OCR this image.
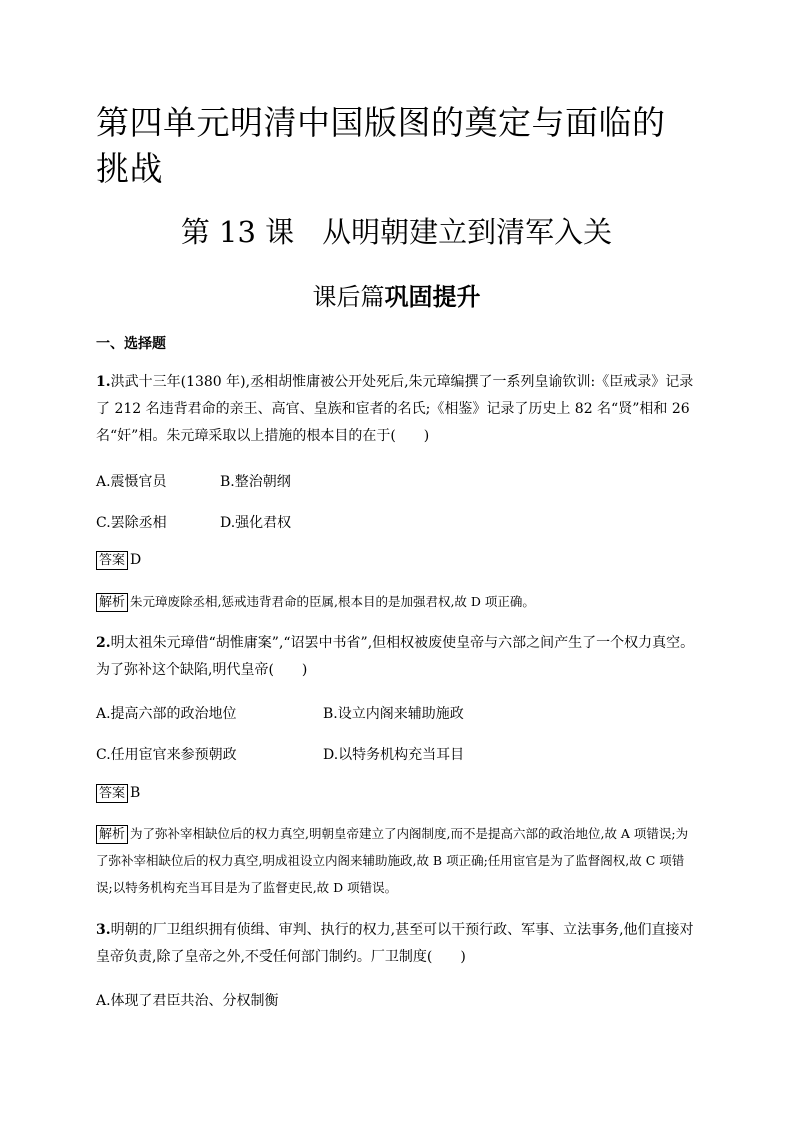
第四单元明清中国版图的奠定与面临的挑战
第 13 课 从明朝建立到清军入关
课后篇巩固提升
一、选择题
1.洪武十三年(1380 年),丞相胡惟庸被公开处死后,朱元璋编撰了一系列皇谕钦训:《臣戒录》记录了 212 名违背君命的亲王、高官、皇族和宦者的名氏;《相鉴》记录了历史上 82 名“贤”相和 26 名“奸”相。朱元璋采取以上措施的根本目的在于(　　)
A.震慑官员	B.整治朝纲
C.罢除丞相	D.强化君权
答案 D
解析 朱元璋废除丞相,惩戒违背君命的臣属,根本目的是加强君权,故 D 项正确。
2.明太祖朱元璋借“胡惟庸案”,“诏罢中书省”,但相权被废使皇帝与六部之间产生了一个权力真空。为了弥补这个缺陷,明代皇帝(　　)
A.提高六部的政治地位	B.设立内阁来辅助施政
C.任用宦官来参预朝政	D.以特务机构充当耳目
答案 B
解析 为了弥补宰相缺位后的权力真空,明朝皇帝建立了内阁制度,而不是提高六部的政治地位,故 A 项错误;为了弥补宰相缺位后的权力真空,明成祖设立内阁来辅助施政,故 B 项正确;任用宦官是为了监督阁权,故 C 项错误;以特务机构充当耳目是为了监督吏民,故 D 项错误。
3.明朝的厂卫组织拥有侦缉、审判、执行的权力,甚至可以干预行政、军事、立法事务,他们直接对皇帝负责,除了皇帝之外,不受任何部门制约。厂卫制度(　　)
A.体现了君臣共治、分权制衡
